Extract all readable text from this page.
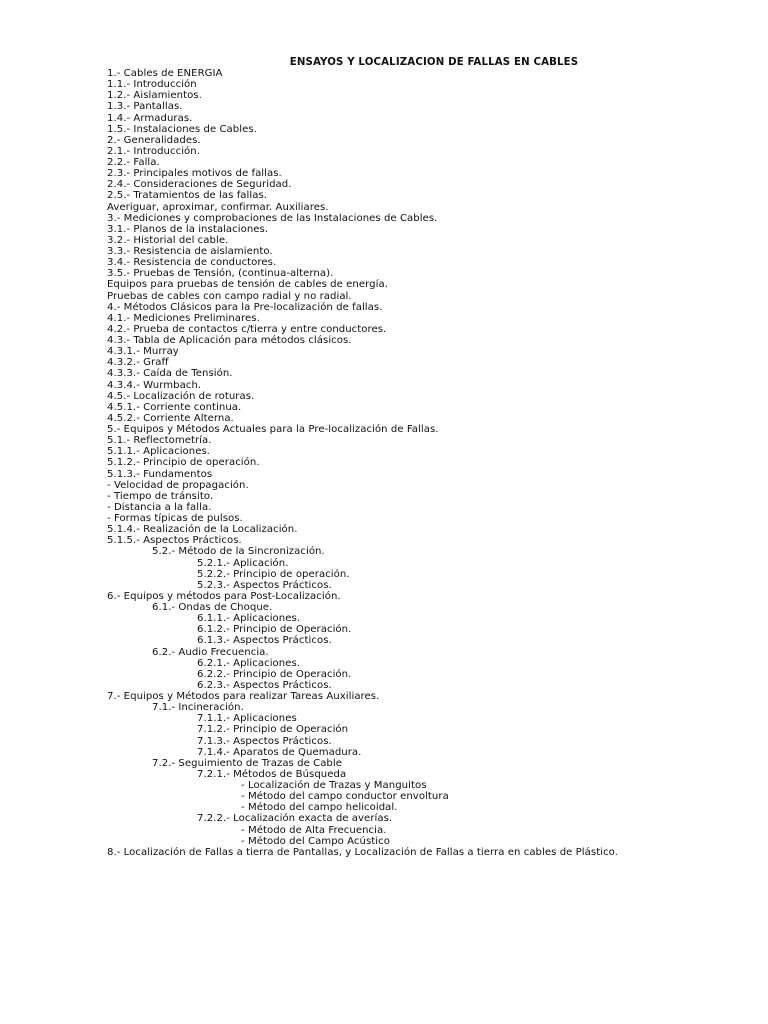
ENSAYOS Y LOCALIZACION DE FALLAS EN CABLES
1.- Cables de ENERGIA
1.1.- Introducción
1.2.- Aislamientos.
1.3.- Pantallas.
1.4.- Armaduras.
1.5.- Instalaciones de Cables.
2.- Generalidades.
2.1.- Introducción.
2.2.- Falla.
2.3.- Principales motivos de fallas.
2.4.- Consideraciones de Seguridad.
2.5.- Tratamientos de las fallas.
Averiguar, aproximar, confirmar. Auxiliares.
3.- Mediciones y comprobaciones de las Instalaciones de Cables.
3.1.- Planos de la instalaciones.
3.2.- Historial del cable.
3.3.- Resistencia de aislamiento.
3.4.- Resistencia de conductores.
3.5.- Pruebas de Tensión, (continua-alterna).
Equipos para pruebas de tensión de cables de energía.
Pruebas de cables con campo radial y no radial.
4.- Métodos Clásicos para la Pre-localización de fallas.
4.1.- Mediciones Preliminares.
4.2.- Prueba de contactos c/tierra y entre conductores.
4.3.- Tabla de Aplicación para métodos clásicos.
4.3.1.- Murray
4.3.2.- Graff
4.3.3.- Caída de Tensión.
4.3.4.- Wurmbach.
4.5.- Localización de roturas.
4.5.1.- Corriente continua.
4.5.2.- Corriente Alterna.
5.- Equipos y Métodos Actuales para la Pre-localización de Fallas.
5.1.- Reflectometría.
5.1.1.- Aplicaciones.
5.1.2.- Principio de operación.
5.1.3.- Fundamentos
- Velocidad de propagación.
- Tiempo de tránsito.
- Distancia a la falla.
- Formas típicas de pulsos.
5.1.4.- Realización de la Localización.
5.1.5.- Aspectos Prácticos.
5.2.- Método de la Sincronización.
5.2.1.- Aplicación.
5.2.2.- Principio de operación.
5.2.3.- Aspectos Prácticos.
6.- Equipos y métodos para Post-Localización.
6.1.- Ondas de Choque.
6.1.1.- Aplicaciones.
6.1.2.- Principio de Operación.
6.1.3.- Aspectos Prácticos.
6.2.- Audio Frecuencia.
6.2.1.- Aplicaciones.
6.2.2.- Principio de Operación.
6.2.3.- Aspectos Prácticos.
7.- Equipos y Métodos para realizar Tareas Auxiliares.
7.1.- Incineración.
7.1.1.- Aplicaciones
7.1.2.- Principio de Operación
7.1.3.- Aspectos Prácticos.
7.1.4.- Aparatos de Quemadura.
7.2.- Seguimiento de Trazas de Cable
7.2.1.- Métodos de Búsqueda
- Localización de Trazas y Manguitos
- Método del campo conductor envoltura
- Método del campo helicoidal.
7.2.2.- Localización exacta de averías.
- Método de Alta Frecuencia.
- Método del Campo Acústico
8.- Localización de Fallas a tierra de Pantallas, y Localización de Fallas a tierra en cables de Plástico.
